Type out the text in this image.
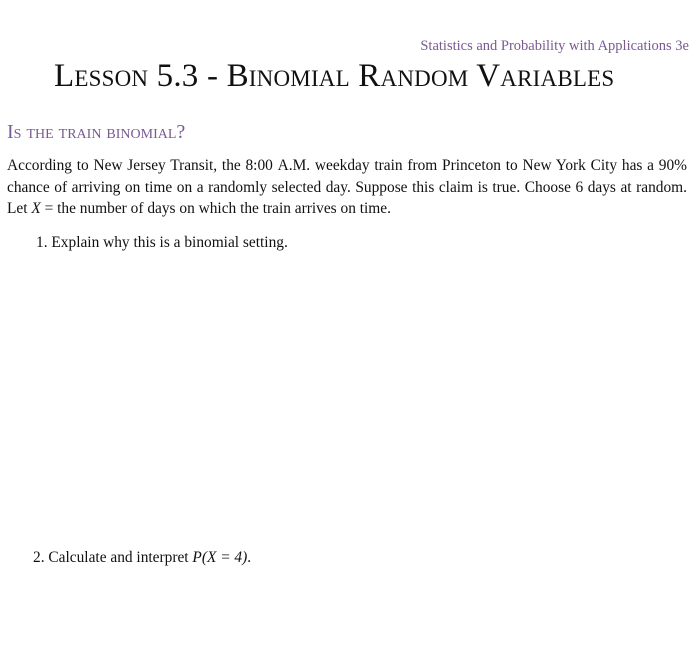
Statistics and Probability with Applications 3e
Lesson 5.3 - Binomial Random Variables
Is the train binomial?

According to New Jersey Transit, the 8:00 A.M. weekday train from Princeton to New York City has a 90% chance of arriving on time on a randomly selected day. Suppose this claim is true. Choose 6 days at random. Let X = the number of days on which the train arrives on time.

1. Explain why this is a binomial setting.

2. Calculate and interpret P(X = 4).
